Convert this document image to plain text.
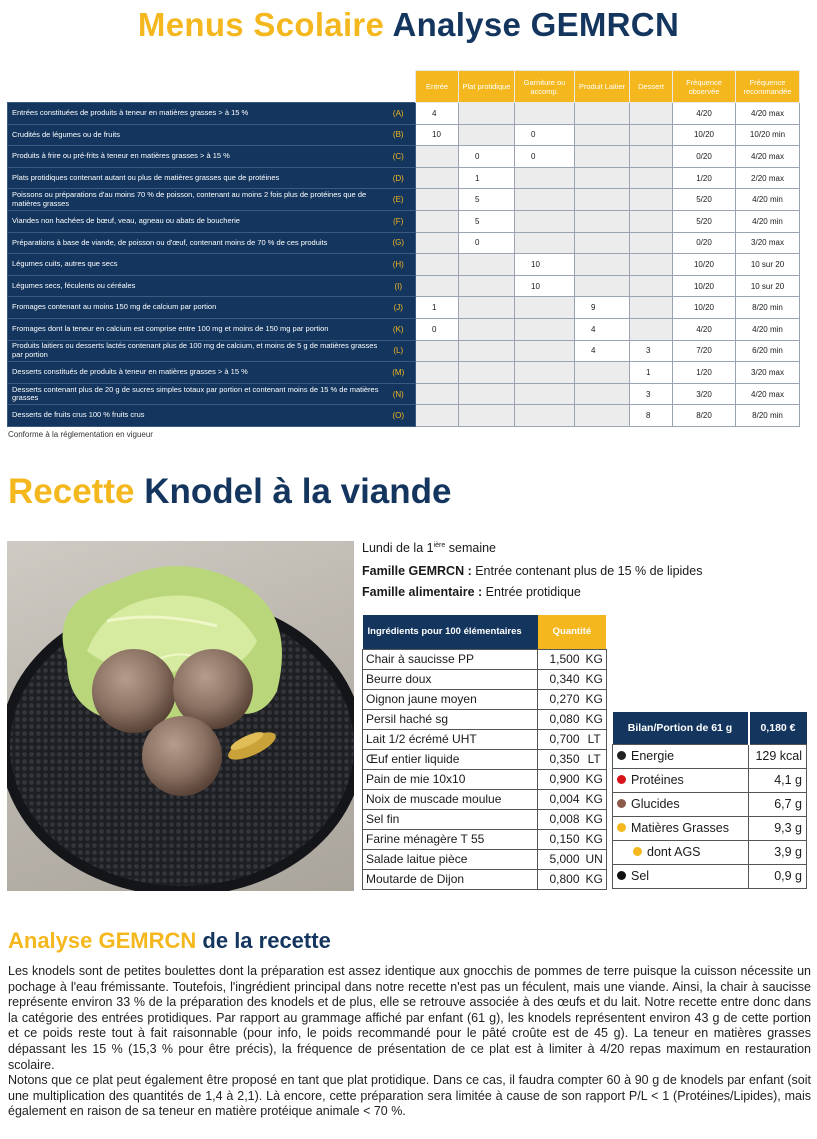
Menus Scolaire Analyse GEMRCN
		Entrée	Plat protidique	Garniture ou accomp.	Produit Laitier	Dessert	Fréquence observée	Fréquence recommandée
Entrées constituées de produits à teneur en matières grasses > à 15 %	(A)	4					4/20	4/20 max
Crudités de légumes ou de fruits	(B)	10		0			10/20	10/20 min
Produits à frire ou pré-frits à teneur en matières grasses > à 15 %	(C)		0	0			0/20	4/20 max
Plats protidiques contenant autant ou plus de matières grasses que de protéines	(D)		1				1/20	2/20 max
Poissons ou préparations d'au moins 70 % de poisson, contenant au moins 2 fois plus de protéines que de matières grasses	(E)		5				5/20	4/20 min
Viandes non hachées de bœuf, veau, agneau ou abats de boucherie	(F)		5				5/20	4/20 min
Préparations à base de viande, de poisson ou d'œuf, contenant moins de 70 % de ces produits	(G)		0				0/20	3/20 max
Légumes cuits, autres que secs	(H)			10			10/20	10 sur 20
Légumes secs, féculents ou céréales	(I)			10			10/20	10 sur 20
Fromages contenant au moins 150 mg de calcium par portion	(J)	1			9		10/20	8/20 min
Fromages dont la teneur en calcium est comprise entre 100 mg et moins de 150 mg par portion	(K)	0			4		4/20	4/20 min
Produits laitiers ou desserts lactés contenant plus de 100 mg de calcium, et moins de 5 g de matières grasses par portion	(L)				4	3	7/20	6/20 min
Desserts constitués de produits à teneur en matières grasses > à 15 %	(M)					1	1/20	3/20 max
Desserts contenant plus de 20 g de sucres simples totaux par portion et contenant moins de 15 % de matières grasses	(N)					3	3/20	4/20 max
Desserts de fruits crus 100 % fruits crus	(O)					8	8/20	8/20 min
Conforme à la réglementation en vigueur
Recette Knodel à la viande
Lundi de la $1^{ière}$ semaine
Famille GEMRCN : Entrée contenant plus de 15 % de lipides
Famille alimentaire : Entrée protidique
Ingrédients pour 100 élémentaires	Quantité	
Chair à saucisse PP	1,500	KG
Beurre doux	0,340	KG
Oignon jaune moyen	0,270	KG
Persil haché sg	0,080	KG
Lait 1/2 écrémé UHT	0,700	LT
Œuf entier liquide	0,350	LT
Pain de mie 10x10	0,900	KG
Noix de muscade moulue	0,004	KG
Sel fin	0,008	KG
Farine ménagère T 55	0,150	KG
Salade laitue pièce	5,000	UN
Moutarde de Dijon	0,800	KG
Bilan/Portion de 61 g	0,180 €
Energie	129 kcal
Protéines	4,1 g
Glucides	6,7 g
Matières Grasses	9,3 g
dont AGS	3,9 g
Sel	0,9 g
Analyse GEMRCN de la recette

Les knodels sont de petites boulettes dont la préparation est assez identique aux gnocchis de pommes de terre puisque la cuisson nécessite un pochage à l'eau frémissante. Toutefois, l'ingrédient principal dans notre recette n'est pas un féculent, mais une viande. Ainsi, la chair à saucisse représente environ 33 % de la préparation des knodels et de plus, elle se retrouve associée à des œufs et du lait. Notre recette entre donc dans la catégorie des entrées protidiques. Par rapport au grammage affiché par enfant (61 g), les knodels représentent environ 43 g de cette portion et ce poids reste tout à fait raisonnable (pour info, le poids recommandé pour le pâté croûte est de 45 g). La teneur en matières grasses dépassant les 15 % (15,3 % pour être précis), la fréquence de présentation de ce plat est à limiter à 4/20 repas maximum en restauration scolaire.

Notons que ce plat peut également être proposé en tant que plat protidique. Dans ce cas, il faudra compter 60 à 90 g de knodels par enfant (soit une multiplication des quantités de 1,4 à 2,1). Là encore, cette préparation sera limitée à cause de son rapport P/L < 1 (Protéines/Lipides), mais également en raison de sa teneur en matière protéique animale < 70 %.
